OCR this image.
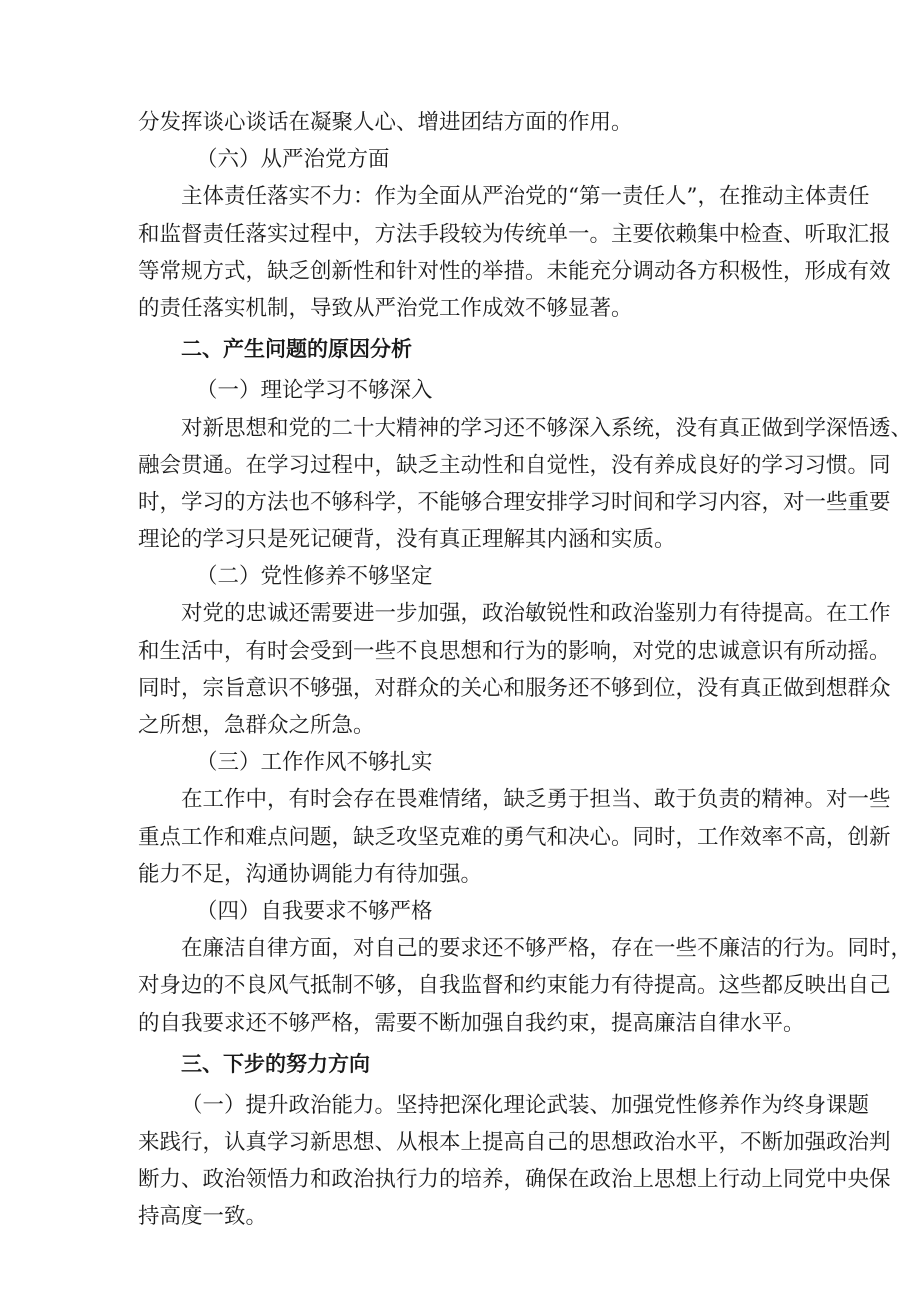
分发挥谈心谈话在凝聚人心、增进团结方面的作用。
（六）从严治党方面
主体责任落实不力：作为全面从严治党的“第一责任人”，在推动主体责任
和监督责任落实过程中，方法手段较为传统单一。主要依赖集中检查、听取汇报
等常规方式，缺乏创新性和针对性的举措。未能充分调动各方积极性，形成有效
的责任落实机制，导致从严治党工作成效不够显著。
二、产生问题的原因分析
（一）理论学习不够深入
对新思想和党的二十大精神的学习还不够深入系统，没有真正做到学深悟透、
融会贯通。在学习过程中，缺乏主动性和自觉性，没有养成良好的学习习惯。同
时，学习的方法也不够科学，不能够合理安排学习时间和学习内容，对一些重要
理论的学习只是死记硬背，没有真正理解其内涵和实质。
（二）党性修养不够坚定
对党的忠诚还需要进一步加强，政治敏锐性和政治鉴别力有待提高。在工作
和生活中，有时会受到一些不良思想和行为的影响，对党的忠诚意识有所动摇。
同时，宗旨意识不够强，对群众的关心和服务还不够到位，没有真正做到想群众
之所想，急群众之所急。
（三）工作作风不够扎实
在工作中，有时会存在畏难情绪，缺乏勇于担当、敢于负责的精神。对一些
重点工作和难点问题，缺乏攻坚克难的勇气和决心。同时，工作效率不高，创新
能力不足，沟通协调能力有待加强。
（四）自我要求不够严格
在廉洁自律方面，对自己的要求还不够严格，存在一些不廉洁的行为。同时，
对身边的不良风气抵制不够，自我监督和约束能力有待提高。这些都反映出自己
的自我要求还不够严格，需要不断加强自我约束，提高廉洁自律水平。
三、下步的努力方向
（一）提升政治能力。坚持把深化理论武装、加强党性修养作为终身课题
来践行，认真学习新思想、从根本上提高自己的思想政治水平，不断加强政治判
断力、政治领悟力和政治执行力的培养，确保在政治上思想上行动上同党中央保
持高度一致。
